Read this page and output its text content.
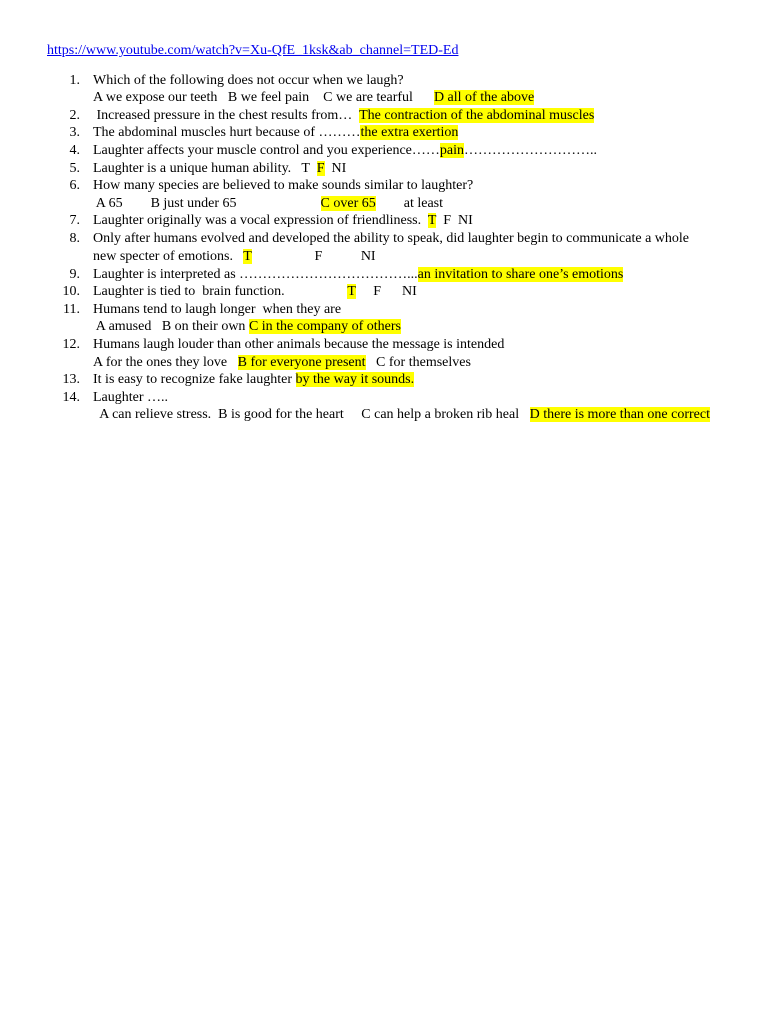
https://www.youtube.com/watch?v=Xu-QfE_1ksk&ab_channel=TED-Ed
1. Which of the following does not occur when we laugh?
A we expose our teeth   B we feel pain    C we are tearful      D all of the above
2. Increased pressure in the chest results from…  The contraction of the abdominal muscles
3. The abdominal muscles hurt because of ………the extra exertion
4. Laughter affects your muscle control and you experience……pain………………………..
5. Laughter is a unique human ability.   T  F  NI
6. How many species are believed to make sounds similar to laughter?
A 65        B just under 65                        C over 65        at least
7. Laughter originally was a vocal expression of friendliness.  T  F  NI
8. Only after humans evolved and developed the ability to speak, did laughter begin to communicate a whole
new specter of emotions.   T                  F           NI
9. Laughter is interpreted as ………………………………...an invitation to share one’s emotions
10. Laughter is tied to  brain function.                  T     F      NI
11. Humans tend to laugh longer  when they are
A amused   B on their own C in the company of others
12. Humans laugh louder than other animals because the message is intended
A for the ones they love   B for everyone present   C for themselves
13. It is easy to recognize fake laughter by the way it sounds.
14. Laughter …..
A can relieve stress.  B is good for the heart     C can help a broken rib heal   D there is more than one correct
